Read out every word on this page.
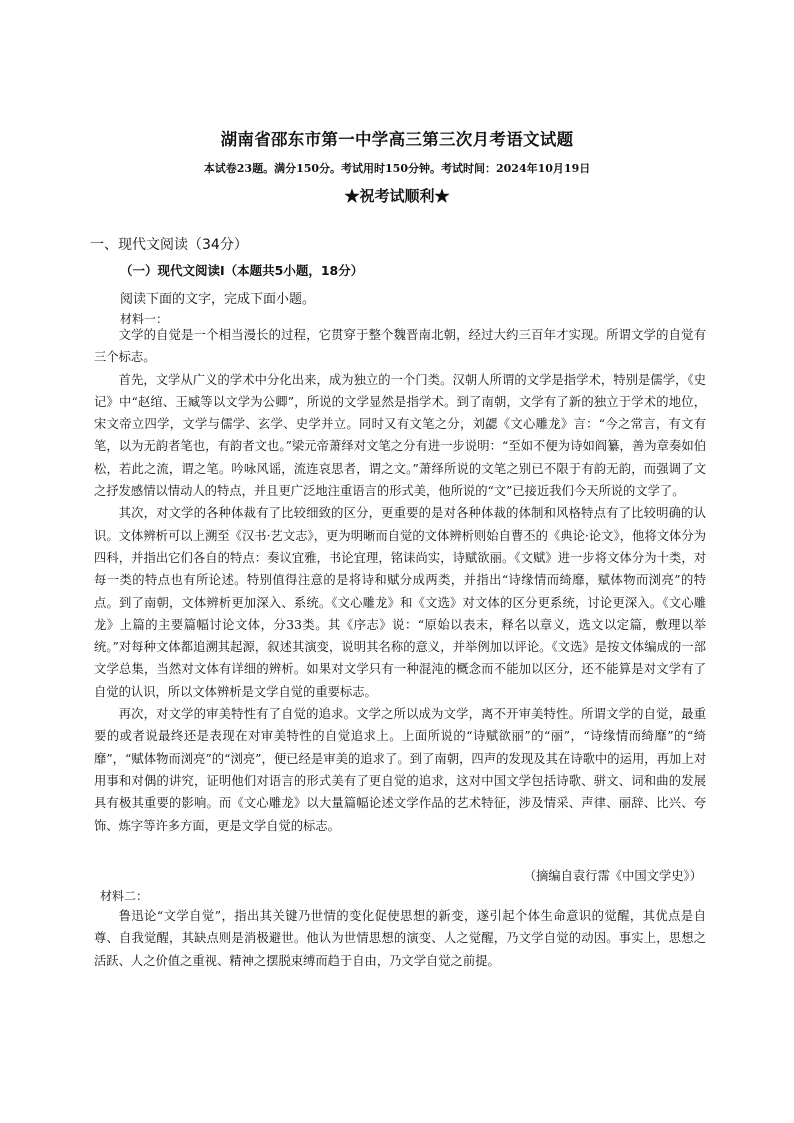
湖南省邵东市第一中学高三第三次月考语文试题
本试卷23题。满分150分。考试用时150分钟。考试时间：2024年10月19日
★祝考试顺利★
一、现代文阅读（34分）
（一）现代文阅读Ⅰ（本题共5小题，18分）
阅读下面的文字，完成下面小题。
材料一：

文学的自觉是一个相当漫长的过程，它贯穿于整个魏晋南北朝，经过大约三百年才实现。所谓文学的自觉有三个标志。

首先，文学从广义的学术中分化出来，成为独立的一个门类。汉朝人所谓的文学是指学术，特别是儒学，《史记》中“赵绾、王臧等以文学为公卿”，所说的文学显然是指学术。到了南朝，文学有了新的独立于学术的地位，宋文帝立四学，文学与儒学、玄学、史学并立。同时又有文笔之分，刘勰《文心雕龙》言：“今之常言，有文有笔，以为无韵者笔也，有韵者文也。”梁元帝萧绎对文笔之分有进一步说明：“至如不便为诗如阎纂，善为章奏如伯松，若此之流，谓之笔。吟咏风谣，流连哀思者，谓之文。”萧绎所说的文笔之别已不限于有韵无韵，而强调了文之抒发感情以情动人的特点，并且更广泛地注重语言的形式美，他所说的“文”已接近我们今天所说的文学了。

其次，对文学的各种体裁有了比较细致的区分，更重要的是对各种体裁的体制和风格特点有了比较明确的认识。文体辨析可以上溯至《汉书·艺文志》，更为明晰而自觉的文体辨析则始自曹丕的《典论·论文》，他将文体分为四科，并指出它们各自的特点：奏议宜雅，书论宜理，铭诔尚实，诗赋欲丽。《文赋》进一步将文体分为十类，对每一类的特点也有所论述。特别值得注意的是将诗和赋分成两类，并指出“诗缘情而绮靡，赋体物而浏亮”的特点。到了南朝，文体辨析更加深入、系统。《文心雕龙》和《文选》对文体的区分更系统，讨论更深入。《文心雕龙》上篇的主要篇幅讨论文体，分33类。其《序志》说：“原始以表末，释名以章义，选文以定篇，敷理以举统。”对每种文体都追溯其起源，叙述其演变，说明其名称的意义，并举例加以评论。《文选》是按文体编成的一部文学总集，当然对文体有详细的辨析。如果对文学只有一种混沌的概念而不能加以区分，还不能算是对文学有了自觉的认识，所以文体辨析是文学自觉的重要标志。

再次，对文学的审美特性有了自觉的追求。文学之所以成为文学，离不开审美特性。所谓文学的自觉，最重要的或者说最终还是表现在对审美特性的自觉追求上。上面所说的“诗赋欲丽”的“丽”，“诗缘情而绮靡”的“绮靡”，“赋体物而浏亮”的“浏亮”，便已经是审美的追求了。到了南朝，四声的发现及其在诗歌中的运用，再加上对用事和对偶的讲究，证明他们对语言的形式美有了更自觉的追求，这对中国文学包括诗歌、骈文、词和曲的发展具有极其重要的影响。而《文心雕龙》以大量篇幅论述文学作品的艺术特征，涉及情采、声律、丽辞、比兴、夸饰、炼字等许多方面，更是文学自觉的标志。

（摘编自袁行霈《中国文学史》）
材料二：

鲁迅论“文学自觉”，指出其关键乃世情的变化促使思想的新变，遂引起个体生命意识的觉醒，其优点是自尊、自我觉醒，其缺点则是消极避世。他认为世情思想的演变、人之觉醒，乃文学自觉的动因。事实上，思想之活跃、人之价值之重视、精神之摆脱束缚而趋于自由，乃文学自觉之前提。
